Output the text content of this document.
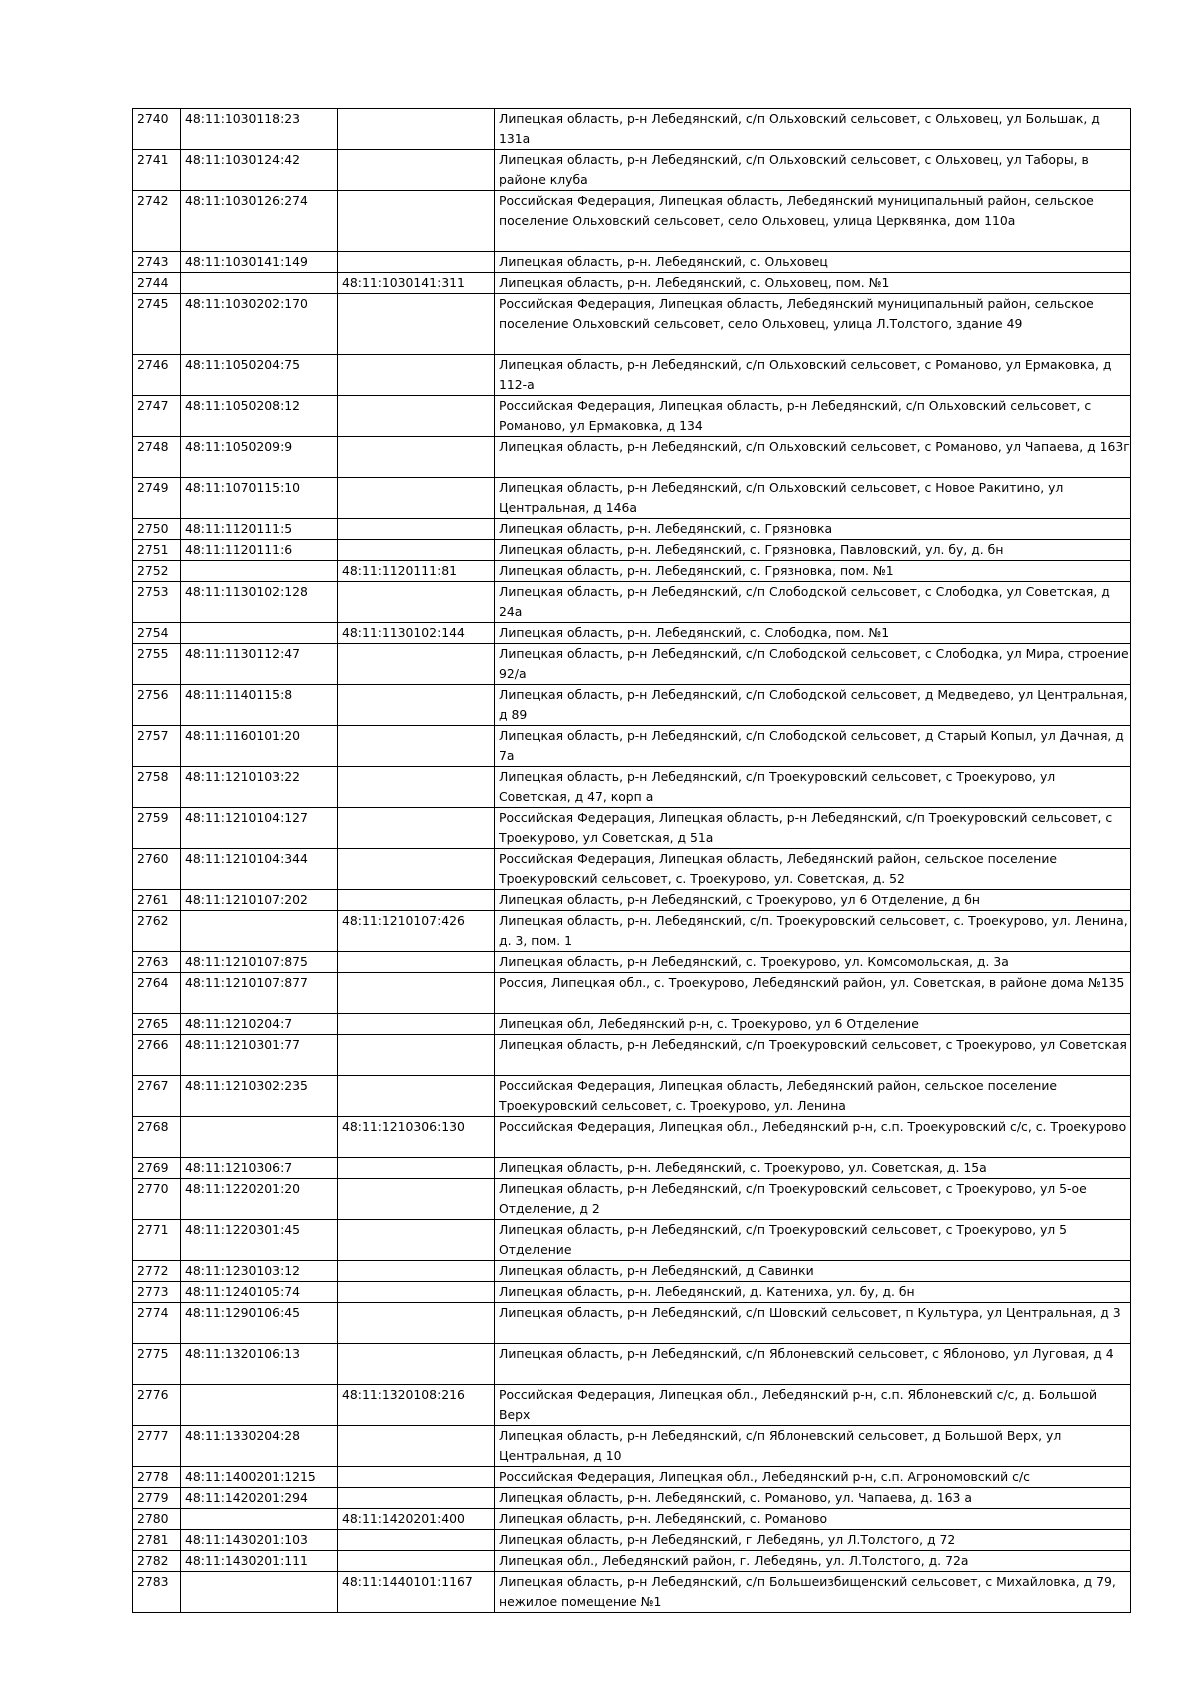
2740	48:11:1030118:23		Липецкая область, р-н Лебедянский, с/п Ольховский сельсовет, с Ольховец, ул Большак, д 131а
2741	48:11:1030124:42		Липецкая область, р-н Лебедянский, с/п Ольховский сельсовет, с Ольховец, ул Таборы, в районе клуба
2742	48:11:1030126:274		Российская Федерация, Липецкая область, Лебедянский муниципальный район, сельское поселение Ольховский сельсовет, село Ольховец, улица Церквянка, дом 110а
2743	48:11:1030141:149		Липецкая область, р-н. Лебедянский, с. Ольховец
2744		48:11:1030141:311	Липецкая область, р-н. Лебедянский, с. Ольховец, пом. №1
2745	48:11:1030202:170		Российская Федерация, Липецкая область, Лебедянский муниципальный район, сельское поселение Ольховский сельсовет, село Ольховец, улица Л.Толстого, здание 49
2746	48:11:1050204:75		Липецкая область, р-н Лебедянский, с/п Ольховский сельсовет, с Романово, ул Ермаковка, д 112-а
2747	48:11:1050208:12		Российская Федерация, Липецкая область, р-н Лебедянский, с/п Ольховский сельсовет, с Романово, ул Ермаковка, д 134
2748	48:11:1050209:9		Липецкая область, р-н Лебедянский, с/п Ольховский сельсовет, с Романово, ул Чапаева, д 163г
2749	48:11:1070115:10		Липецкая область, р-н Лебедянский, с/п Ольховский сельсовет, с Новое Ракитино, ул Центральная, д 146а
2750	48:11:1120111:5		Липецкая область, р-н. Лебедянский, с. Грязновка
2751	48:11:1120111:6		Липецкая область, р-н. Лебедянский, с. Грязновка, Павловский, ул. бу, д. бн
2752		48:11:1120111:81	Липецкая область, р-н. Лебедянский, с. Грязновка, пом. №1
2753	48:11:1130102:128		Липецкая область, р-н Лебедянский, с/п Слободской сельсовет, с Слободка, ул Советская, д 24а
2754		48:11:1130102:144	Липецкая область, р-н. Лебедянский, с. Слободка, пом. №1
2755	48:11:1130112:47		Липецкая область, р-н Лебедянский, с/п Слободской сельсовет, с Слободка, ул Мира, строение 92/а
2756	48:11:1140115:8		Липецкая область, р-н Лебедянский, с/п Слободской сельсовет, д Медведево, ул Центральная, д 89
2757	48:11:1160101:20		Липецкая область, р-н Лебедянский, с/п Слободской сельсовет, д Старый Копыл, ул Дачная, д 7а
2758	48:11:1210103:22		Липецкая область, р-н Лебедянский, с/п Троекуровский сельсовет, с Троекурово, ул Советская, д 47, корп а
2759	48:11:1210104:127		Российская Федерация, Липецкая область, р-н Лебедянский, с/п Троекуровский сельсовет, с Троекурово, ул Советская, д 51а
2760	48:11:1210104:344		Российская Федерация, Липецкая область, Лебедянский район, сельское поселение Троекуровский сельсовет, с. Троекурово, ул. Советская, д. 52
2761	48:11:1210107:202		Липецкая область, р-н Лебедянский, с Троекурово, ул 6 Отделение, д бн
2762		48:11:1210107:426	Липецкая область, р-н. Лебедянский, с/п. Троекуровский сельсовет, с. Троекурово, ул. Ленина, д. 3, пом. 1
2763	48:11:1210107:875		Липецкая область, р-н Лебедянский, с. Троекурово, ул. Комсомольская, д. 3а
2764	48:11:1210107:877		Россия, Липецкая обл., с. Троекурово, Лебедянский район, ул. Советская, в районе дома №135
2765	48:11:1210204:7		Липецкая обл, Лебедянский р-н, с. Троекурово, ул 6 Отделение
2766	48:11:1210301:77		Липецкая область, р-н Лебедянский, с/п Троекуровский сельсовет, с Троекурово, ул Советская
2767	48:11:1210302:235		Российская Федерация, Липецкая область, Лебедянский район, сельское поселение Троекуровский сельсовет, с. Троекурово, ул. Ленина
2768		48:11:1210306:130	Российская Федерация, Липецкая обл., Лебедянский р-н, с.п. Троекуровский с/с, с. Троекурово
2769	48:11:1210306:7		Липецкая область, р-н. Лебедянский, с. Троекурово, ул. Советская, д. 15а
2770	48:11:1220201:20		Липецкая область, р-н Лебедянский, с/п Троекуровский сельсовет, с Троекурово, ул 5-ое Отделение, д 2
2771	48:11:1220301:45		Липецкая область, р-н Лебедянский, с/п Троекуровский сельсовет, с Троекурово, ул 5 Отделение
2772	48:11:1230103:12		Липецкая область, р-н Лебедянский, д Савинки
2773	48:11:1240105:74		Липецкая область, р-н. Лебедянский, д. Катениха, ул. бу, д. бн
2774	48:11:1290106:45		Липецкая область, р-н Лебедянский, с/п Шовский сельсовет, п Культура, ул Центральная, д 3
2775	48:11:1320106:13		Липецкая область, р-н Лебедянский, с/п Яблоневский сельсовет, с Яблоново, ул Луговая, д 4
2776		48:11:1320108:216	Российская Федерация, Липецкая обл., Лебедянский р-н, с.п. Яблоневский с/с, д. Большой Верх
2777	48:11:1330204:28		Липецкая область, р-н Лебедянский, с/п Яблоневский сельсовет, д Большой Верх, ул Центральная, д 10
2778	48:11:1400201:1215		Российская Федерация, Липецкая обл., Лебедянский р-н, с.п. Агрономовский с/с
2779	48:11:1420201:294		Липецкая область, р-н. Лебедянский, с. Романово, ул. Чапаева, д. 163 а
2780		48:11:1420201:400	Липецкая область, р-н. Лебедянский, с. Романово
2781	48:11:1430201:103		Липецкая область, р-н Лебедянский, г Лебедянь, ул Л.Толстого, д 72
2782	48:11:1430201:111		Липецкая обл., Лебедянский район, г. Лебедянь, ул. Л.Толстого, д. 72а
2783		48:11:1440101:1167	Липецкая область, р-н Лебедянский, с/п Большеизбищенский сельсовет, с Михайловка, д 79, нежилое помещение №1
